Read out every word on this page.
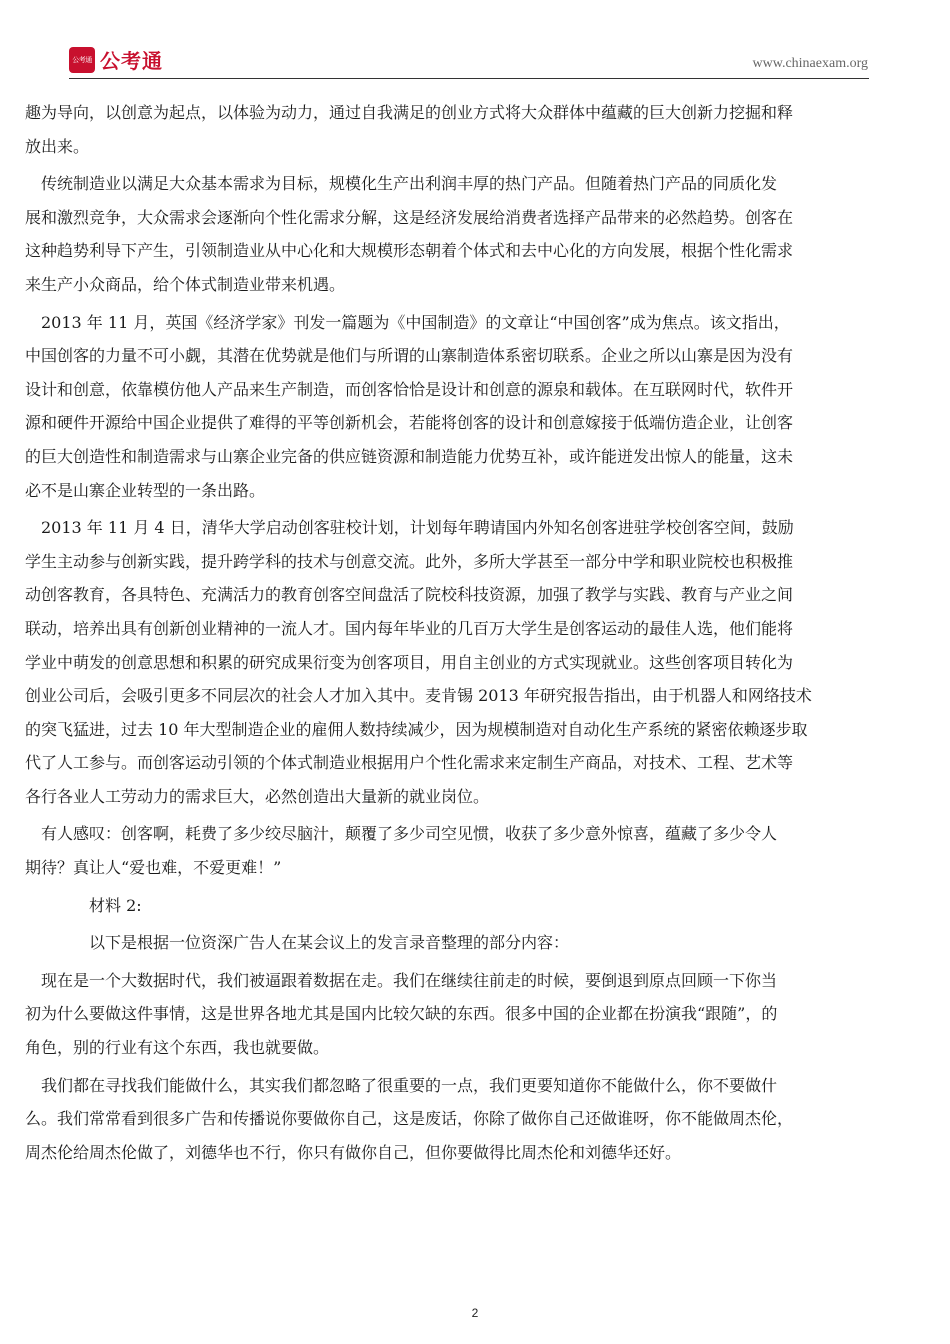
公考通 公考通	www.chinaexam.org
趣为导向，以创意为起点，以体验为动力，通过自我满足的创业方式将大众群体中蕴藏的巨大创新力挖掘和释
放出来。
　传统制造业以满足大众基本需求为目标，规模化生产出利润丰厚的热门产品。但随着热门产品的同质化发
展和激烈竞争，大众需求会逐渐向个性化需求分解，这是经济发展给消费者选择产品带来的必然趋势。创客在
这种趋势利导下产生，引领制造业从中心化和大规模形态朝着个体式和去中心化的方向发展，根据个性化需求
来生产小众商品，给个体式制造业带来机遇。
　2013 年 11 月，英国《经济学家》刊发一篇题为《中国制造》的文章让“中国创客”成为焦点。该文指出，
中国创客的力量不可小觑，其潜在优势就是他们与所谓的山寨制造体系密切联系。企业之所以山寨是因为没有
设计和创意，依靠模仿他人产品来生产制造，而创客恰恰是设计和创意的源泉和载体。在互联网时代，软件开
源和硬件开源给中国企业提供了难得的平等创新机会，若能将创客的设计和创意嫁接于低端仿造企业，让创客
的巨大创造性和制造需求与山寨企业完备的供应链资源和制造能力优势互补，或许能迸发出惊人的能量，这未
必不是山寨企业转型的一条出路。
　2013 年 11 月 4 日，清华大学启动创客驻校计划，计划每年聘请国内外知名创客进驻学校创客空间，鼓励
学生主动参与创新实践，提升跨学科的技术与创意交流。此外，多所大学甚至一部分中学和职业院校也积极推
动创客教育，各具特色、充满活力的教育创客空间盘活了院校科技资源，加强了教学与实践、教育与产业之间
联动，培养出具有创新创业精神的一流人才。国内每年毕业的几百万大学生是创客运动的最佳人选，他们能将
学业中萌发的创意思想和积累的研究成果衍变为创客项目，用自主创业的方式实现就业。这些创客项目转化为
创业公司后，会吸引更多不同层次的社会人才加入其中。麦肯锡 2013 年研究报告指出，由于机器人和网络技术
的突飞猛进，过去 10 年大型制造企业的雇佣人数持续减少，因为规模制造对自动化生产系统的紧密依赖逐步取
代了人工参与。而创客运动引领的个体式制造业根据用户个性化需求来定制生产商品，对技术、工程、艺术等
各行各业人工劳动力的需求巨大，必然创造出大量新的就业岗位。
　有人感叹：创客啊，耗费了多少绞尽脑汁，颠覆了多少司空见惯，收获了多少意外惊喜，蕴藏了多少令人
期待？真让人“爱也难，不爱更难！”
　　　　材料 2:
　　　　以下是根据一位资深广告人在某会议上的发言录音整理的部分内容：
　现在是一个大数据时代，我们被逼跟着数据在走。我们在继续往前走的时候，要倒退到原点回顾一下你当
初为什么要做这件事情，这是世界各地尤其是国内比较欠缺的东西。很多中国的企业都在扮演我“跟随”，的
角色，别的行业有这个东西，我也就要做。
　我们都在寻找我们能做什么，其实我们都忽略了很重要的一点，我们更要知道你不能做什么，你不要做什
么。我们常常看到很多广告和传播说你要做你自己，这是废话，你除了做你自己还做谁呀，你不能做周杰伦，
周杰伦给周杰伦做了，刘德华也不行，你只有做你自己，但你要做得比周杰伦和刘德华还好。
2
